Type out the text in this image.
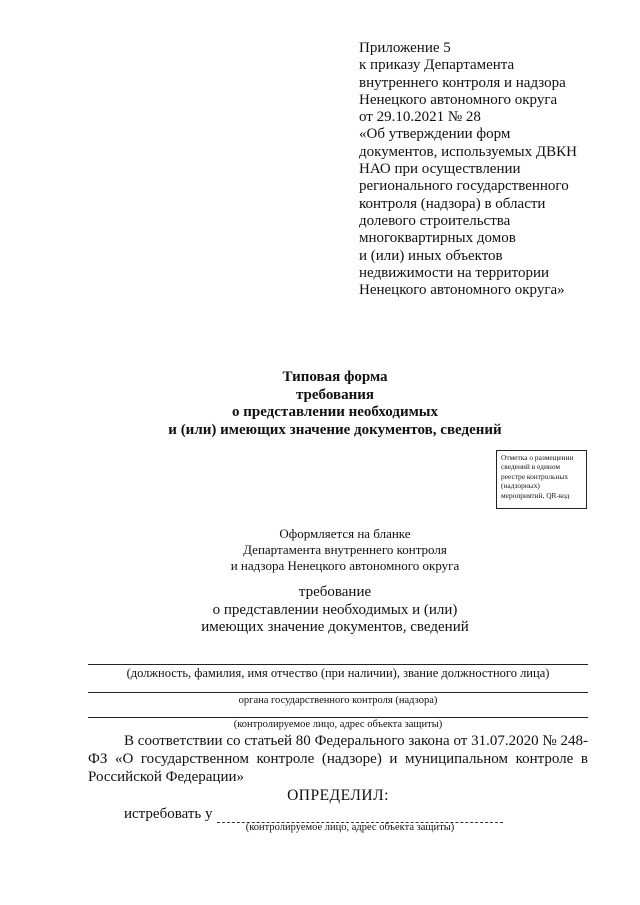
Приложение 5
к приказу Департамента
внутреннего контроля и надзора
Ненецкого автономного округа
от 29.10.2021 № 28
«Об утверждении форм
документов, используемых ДВКН
НАО при осуществлении
регионального государственного
контроля (надзора) в области
долевого строительства
многоквартирных домов
и (или) иных объектов
недвижимости на территории
Ненецкого автономного округа»
Типовая форма
требования
о представлении необходимых
и (или) имеющих значение документов, сведений
Отметка о размещении
сведений в едином
реестре контрольных
(надзорных)
мероприятий, QR-код
Оформляется на бланке
Департамента внутреннего контроля
и надзора Ненецкого автономного округа
требование
о представлении необходимых и (или)
имеющих значение документов, сведений
(должность, фамилия, имя отчество (при наличии), звание должностного лица)
органа государственного контроля (надзора)
(контролируемое лицо, адрес объекта защиты)
В соответствии со статьей 80 Федерального закона от 31.07.2020 № 248-ФЗ «О государственном контроле (надзоре) и муниципальном контроле в Российской Федерации»
ОПРЕДЕЛИЛ:
истребовать у
(контролируемое лицо, адрес объекта защиты)
